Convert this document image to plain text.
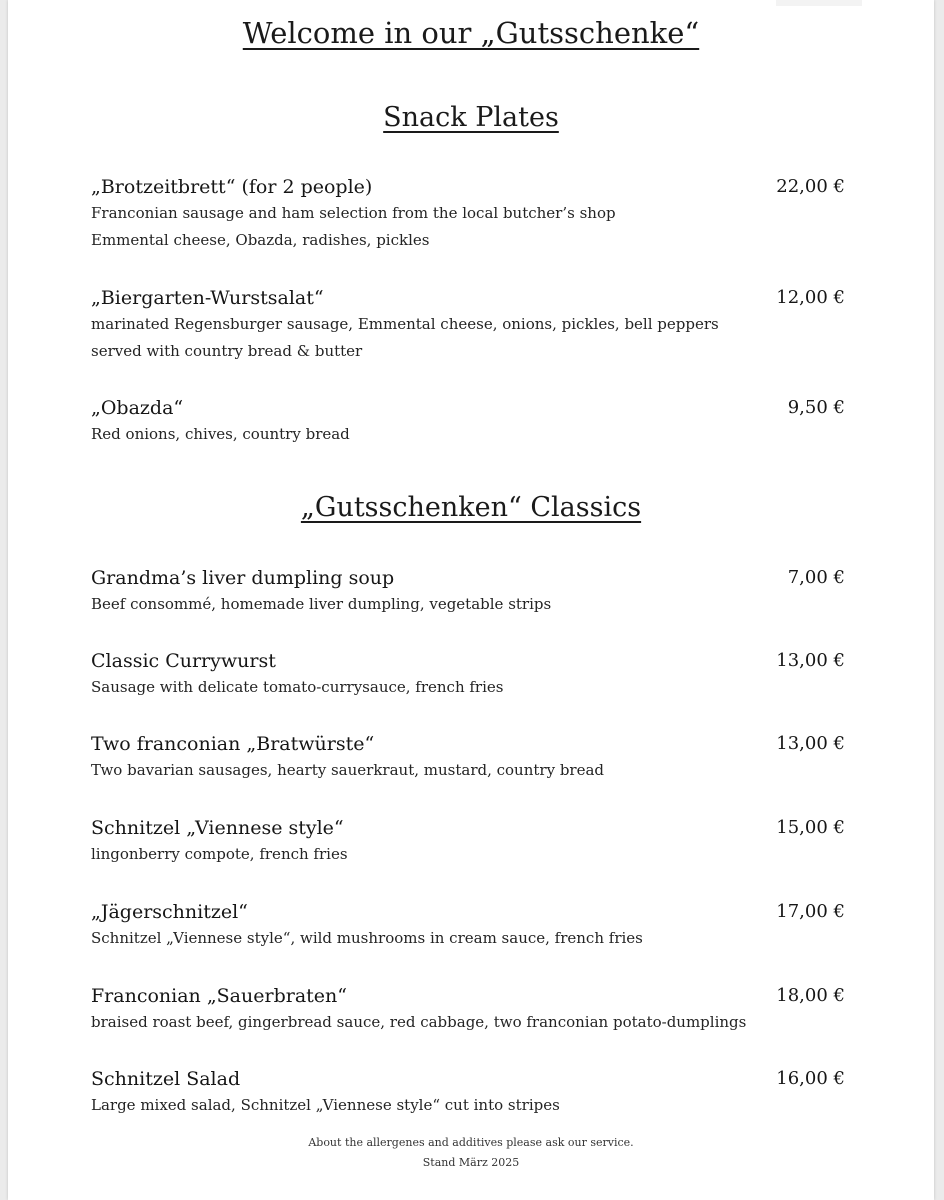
Welcome in our „Gutsschenke“
Snack Plates
„Brotzeitbrett“ (for 2 people)	22,00 €
Franconian sausage and ham selection from the local butcher’s shop
Emmental cheese, Obazda, radishes, pickles
„Biergarten-Wurstsalat“	12,00 €
marinated Regensburger sausage, Emmental cheese, onions, pickles, bell peppers
served with country bread & butter
„Obazda“	9,50 €
Red onions, chives, country bread
„Gutsschenken“ Classics
Grandma’s liver dumpling soup	7,00 €
Beef consommé, homemade liver dumpling, vegetable strips
Classic Currywurst	13,00 €
Sausage with delicate tomato-currysauce, french fries
Two franconian „Bratwürste“	13,00 €
Two bavarian sausages, hearty sauerkraut, mustard, country bread
Schnitzel „Viennese style“	15,00 €
lingonberry compote, french fries
„Jägerschnitzel“	17,00 €
Schnitzel „Viennese style“, wild mushrooms in cream sauce, french fries
Franconian „Sauerbraten“	18,00 €
braised roast beef, gingerbread sauce, red cabbage, two franconian potato-dumplings
Schnitzel Salad	16,00 €
Large mixed salad, Schnitzel „Viennese style“ cut into stripes
About the allergenes and additives please ask our service.
Stand März 2025
